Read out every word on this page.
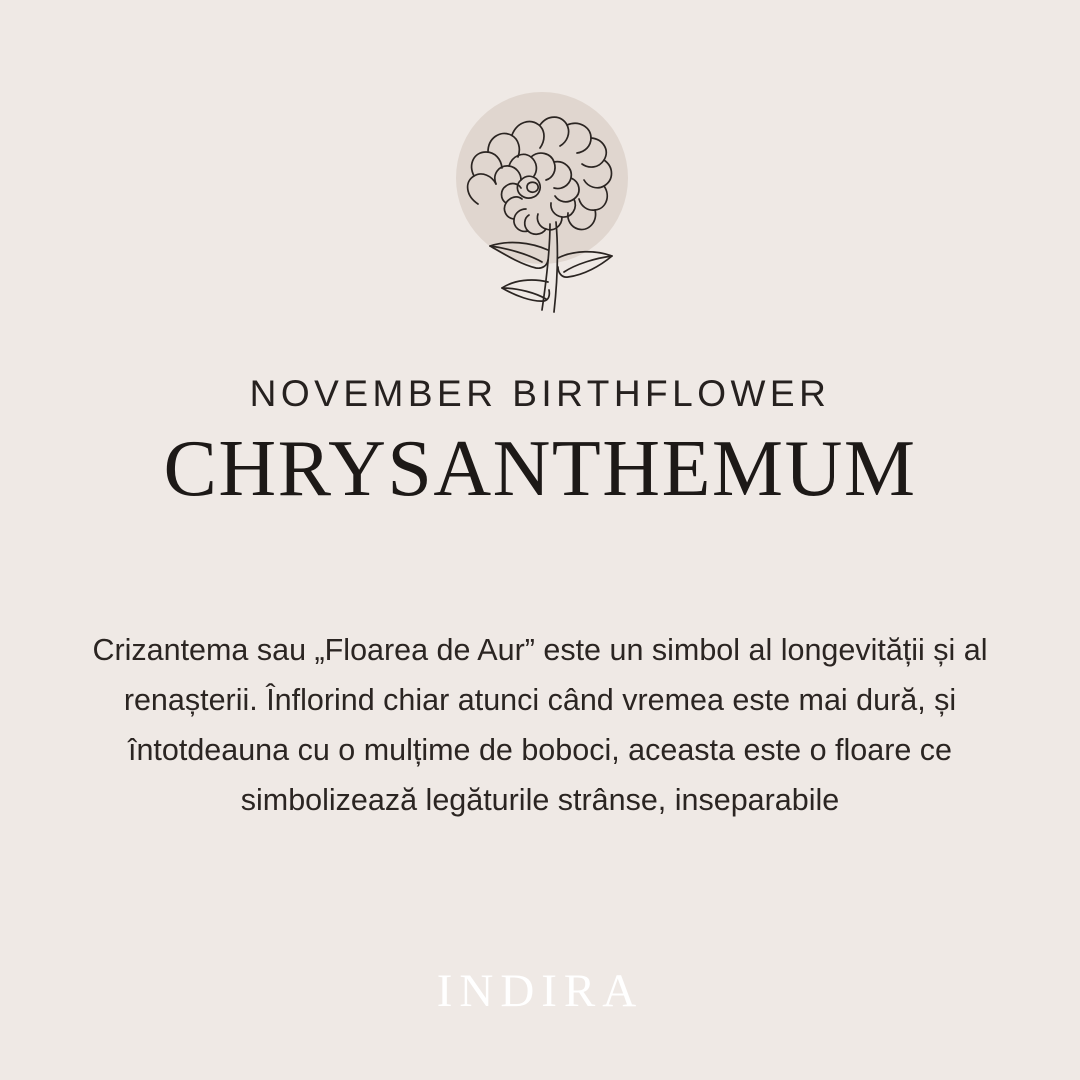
NOVEMBER BIRTHFLOWER
CHRYSANTHEMUM

Crizantema sau „Floarea de Aur” este un simbol al longevității și al renașterii. Înflorind chiar atunci când vremea este mai dură, și întotdeauna cu o mulțime de boboci, aceasta este o floare ce simbolizează legăturile strânse, inseparabile

INDIRA
